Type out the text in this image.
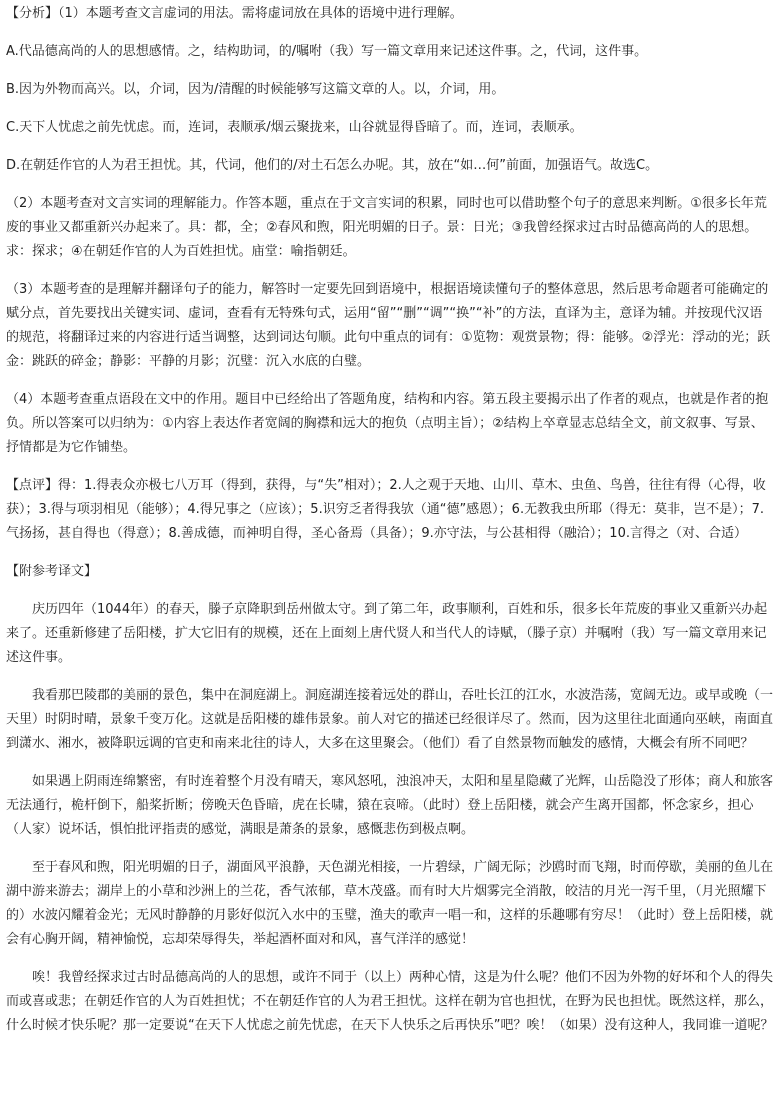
【分析】（1）本题考查文言虚词的用法。需将虚词放在具体的语境中进行理解。

A.代品德高尚的人的思想感情。之，结构助词，的/嘱咐（我）写一篇文章用来记述这件事。之，代词，这件事。

B.因为外物而高兴。以，介词，因为/清醒的时候能够写这篇文章的人。以，介词，用。

C.天下人忧虑之前先忧虑。而，连词，表顺承/烟云聚拢来，山谷就显得昏暗了。而，连词，表顺承。

D.在朝廷作官的人为君王担忧。其，代词，他们的/对土石怎么办呢。其，放在“如…何”前面，加强语气。故选C。

（2）本题考查对文言实词的理解能力。作答本题，重点在于文言实词的积累，同时也可以借助整个句子的意思来判断。①很多长年荒废的事业又都重新兴办起来了。具：都，全；②春风和煦，阳光明媚的日子。景：日光；③我曾经探求过古时品德高尚的人的思想。求：探求；④在朝廷作官的人为百姓担忧。庙堂：喻指朝廷。

（3）本题考查的是理解并翻译句子的能力，解答时一定要先回到语境中，根据语境读懂句子的整体意思，然后思考命题者可能确定的赋分点，首先要找出关键实词、虚词，查看有无特殊句式，运用“留”“删”“调”“换”“补”的方法，直译为主，意译为辅。并按现代汉语的规范，将翻译过来的内容进行适当调整，达到词达句顺。此句中重点的词有：①览物：观赏景物；得：能够。②浮光：浮动的光；跃金：跳跃的碎金；静影：平静的月影；沉璧：沉入水底的白璧。

（4）本题考查重点语段在文中的作用。题目中已经给出了答题角度，结构和内容。第五段主要揭示出了作者的观点，也就是作者的抱负。所以答案可以归纳为：①内容上表达作者宽阔的胸襟和远大的抱负（点明主旨）；②结构上卒章显志总结全文，前文叙事、写景、抒情都是为它作铺垫。

【点评】得：1.得表众亦极七八万耳（得到，获得，与“失”相对）；2.人之观于天地、山川、草木、虫鱼、鸟兽，往往有得（心得，收获）；3.得与项羽相见（能够）；4.得兄事之（应该）；5.识穷乏者得我欤（通“德”感恩）；6.无教我虫所耶（得无：莫非，岂不是）；7.气扬扬，甚自得也（得意）；8.善成德，而神明自得，圣心备焉（具备）；9.亦守法，与公甚相得（融洽）；10.言得之（对、合适）

【附参考译文】

庆历四年（1044年）的春天，滕子京降职到岳州做太守。到了第二年，政事顺利，百姓和乐，很多长年荒废的事业又重新兴办起来了。还重新修建了岳阳楼，扩大它旧有的规模，还在上面刻上唐代贤人和当代人的诗赋，（滕子京）并嘱咐（我）写一篇文章用来记述这件事。

我看那巴陵郡的美丽的景色，集中在洞庭湖上。洞庭湖连接着远处的群山，吞吐长江的江水，水波浩荡，宽阔无边。或早或晚（一天里）时阴时晴，景象千变万化。这就是岳阳楼的雄伟景象。前人对它的描述已经很详尽了。然而，因为这里往北面通向巫峡，南面直到潇水、湘水，被降职远调的官吏和南来北往的诗人，大多在这里聚会。（他们）看了自然景物而触发的感情，大概会有所不同吧？

如果遇上阴雨连绵繁密，有时连着整个月没有晴天，寒风怒吼，浊浪冲天，太阳和星星隐藏了光辉，山岳隐没了形体；商人和旅客无法通行，桅杆倒下，船桨折断；傍晚天色昏暗，虎在长啸，猿在哀啼。（此时）登上岳阳楼，就会产生离开国都，怀念家乡，担心（人家）说坏话，惧怕批评指责的感觉，满眼是萧条的景象，感慨悲伤到极点啊。

至于春风和煦，阳光明媚的日子，湖面风平浪静，天色湖光相接，一片碧绿，广阔无际；沙鸥时而飞翔，时而停歇，美丽的鱼儿在湖中游来游去；湖岸上的小草和沙洲上的兰花，香气浓郁，草木茂盛。而有时大片烟雾完全消散，皎洁的月光一泻千里，（月光照耀下的）水波闪耀着金光；无风时静静的月影好似沉入水中的玉璧，渔夫的歌声一唱一和，这样的乐趣哪有穷尽！（此时）登上岳阳楼，就会有心胸开阔，精神愉悦，忘却荣辱得失，举起酒杯面对和风，喜气洋洋的感觉！

唉！我曾经探求过古时品德高尚的人的思想，或许不同于（以上）两种心情，这是为什么呢？他们不因为外物的好坏和个人的得失而或喜或悲；在朝廷作官的人为百姓担忧；不在朝廷作官的人为君王担忧。这样在朝为官也担忧，在野为民也担忧。既然这样，那么，什么时候才快乐呢？那一定要说“在天下人忧虑之前先忧虑，在天下人快乐之后再快乐”吧？唉！（如果）没有这种人，我同谁一道呢？
